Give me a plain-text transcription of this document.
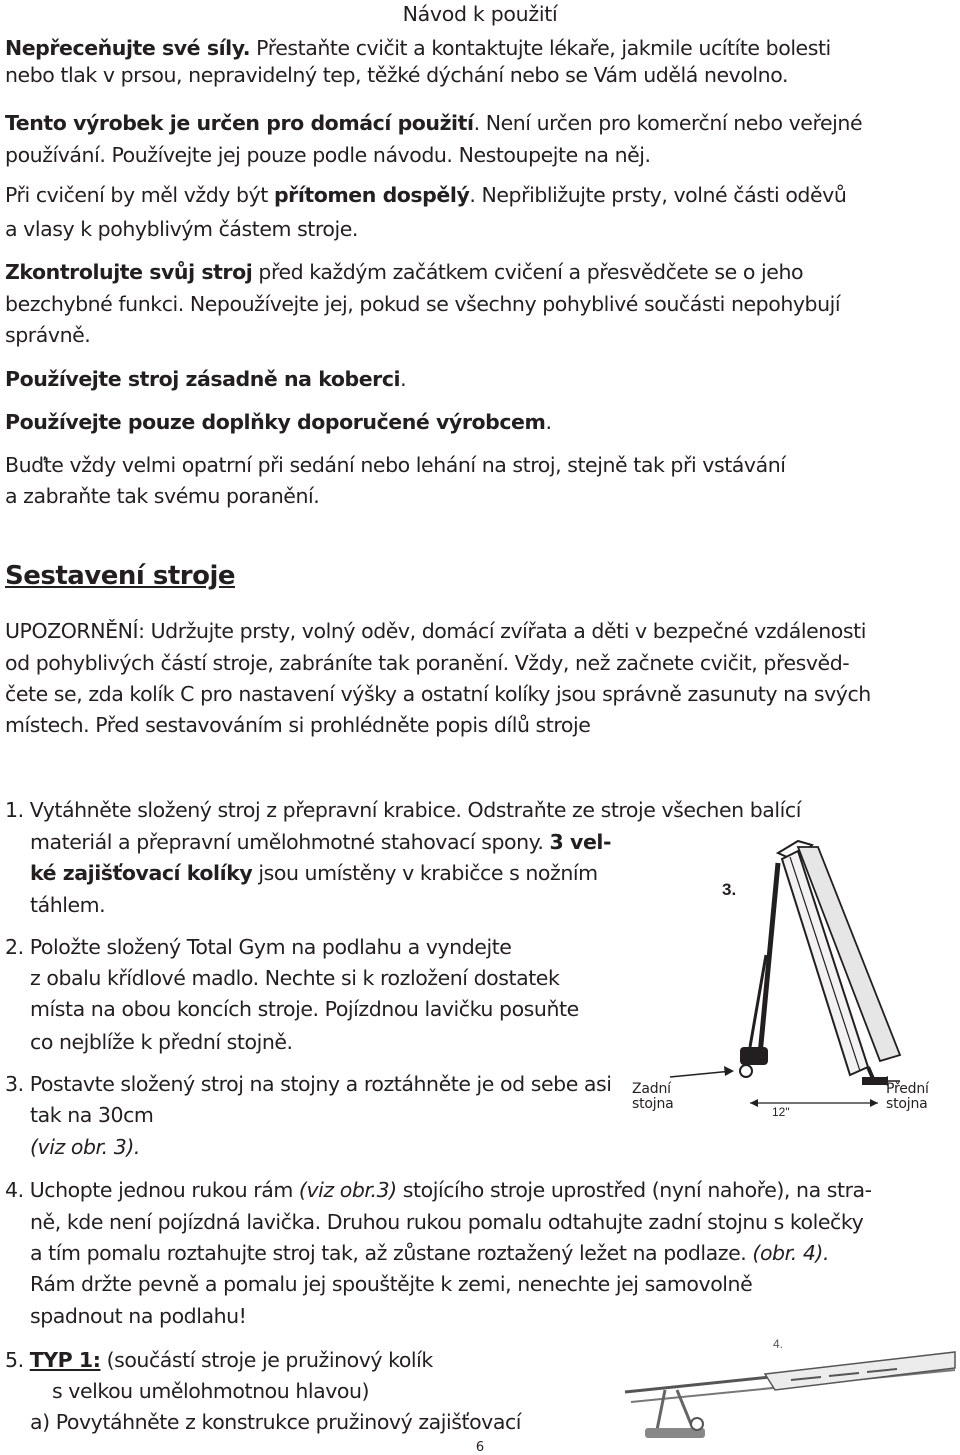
Návod k použití
Nepřeceňujte své síly. Přestaňte cvičit a kontaktujte lékaře, jakmile ucítíte bolesti
nebo tlak v prsou, nepravidelný tep, těžké dýchání nebo se Vám udělá nevolno.
Tento výrobek je určen pro domácí použití. Není určen pro komerční nebo veřejné
používání. Používejte jej pouze podle návodu. Nestoupejte na něj.
Při cvičení by měl vždy být přítomen dospělý. Nepřibližujte prsty, volné části oděvů
a vlasy k pohyblivým částem stroje.
Zkontrolujte svůj stroj před každým začátkem cvičení a přesvědčete se o jeho
bezchybné funkci. Nepoužívejte jej, pokud se všechny pohyblivé součásti nepohybují
správně.
Používejte stroj zásadně na koberci.
Používejte pouze doplňky doporučené výrobcem.
Buďte vždy velmi opatrní při sedání nebo lehání na stroj, stejně tak při vstávání
a zabraňte tak svému poranění.
Sestavení stroje
UPOZORNĚNÍ: Udržujte prsty, volný oděv, domácí zvířata a děti v bezpečné vzdálenosti
od pohyblivých částí stroje, zabráníte tak poranění. Vždy, než začnete cvičit, přesvěd-
čete se, zda kolík C pro nastavení výšky a ostatní kolíky jsou správně zasunuty na svých
místech. Před sestavováním si prohlédněte popis dílů stroje
1. Vytáhněte složený stroj z přepravní krabice. Odstraňte ze stroje všechen balící
materiál a přepravní umělohmotné stahovací spony. 3 vel-
ké zajišťovací kolíky jsou umístěny v krabičce s nožním
táhlem.
2. Položte složený Total Gym na podlahu a vyndejte
z obalu křídlové madlo. Nechte si k rozložení dostatek
místa na obou koncích stroje. Pojízdnou lavičku posuňte
co nejblíže k přední stojně.
3. Postavte složený stroj na stojny a roztáhněte je od sebe asi
tak na 30cm
(viz obr. 3).
4. Uchopte jednou rukou rám (viz obr.3) stojícího stroje uprostřed (nyní nahoře), na stra-
ně, kde není pojízdná lavička. Druhou rukou pomalu odtahujte zadní stojnu s kolečky
a tím pomalu roztahujte stroj tak, až zůstane roztažený ležet na podlaze. (obr. 4).
Rám držte pevně a pomalu jej spouštějte k zemi, nenechte jej samovolně
spadnout na podlahu!
5. TYP 1: (součástí stroje je pružinový kolík
s velkou umělohmotnou hlavou)
a) Povytáhněte z konstrukce pružinový zajišťovací
3.
12"
Zadní
stojna
Přední
stojna
4.
6
